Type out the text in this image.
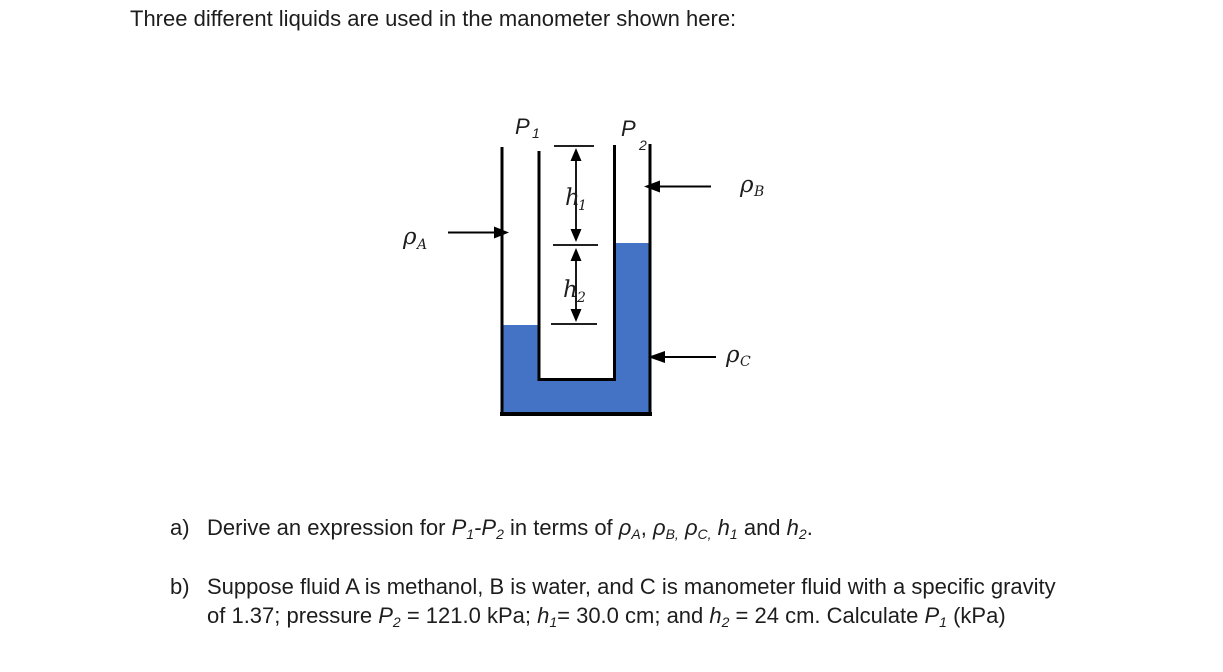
Three different liquids are used in the manometer shown here:
P 1	P
2
h
1
h 2
ρ A
ρ B
ρ C
a) Derive an expression for P1-P2 in terms of ρA, ρB, ρC, h1 and h2.
b) Suppose fluid A is methanol, B is water, and C is manometer fluid with a specific gravity
of 1.37; pressure P2 = 121.0 kPa; h1= 30.0 cm; and h2 = 24 cm. Calculate P1 (kPa)
